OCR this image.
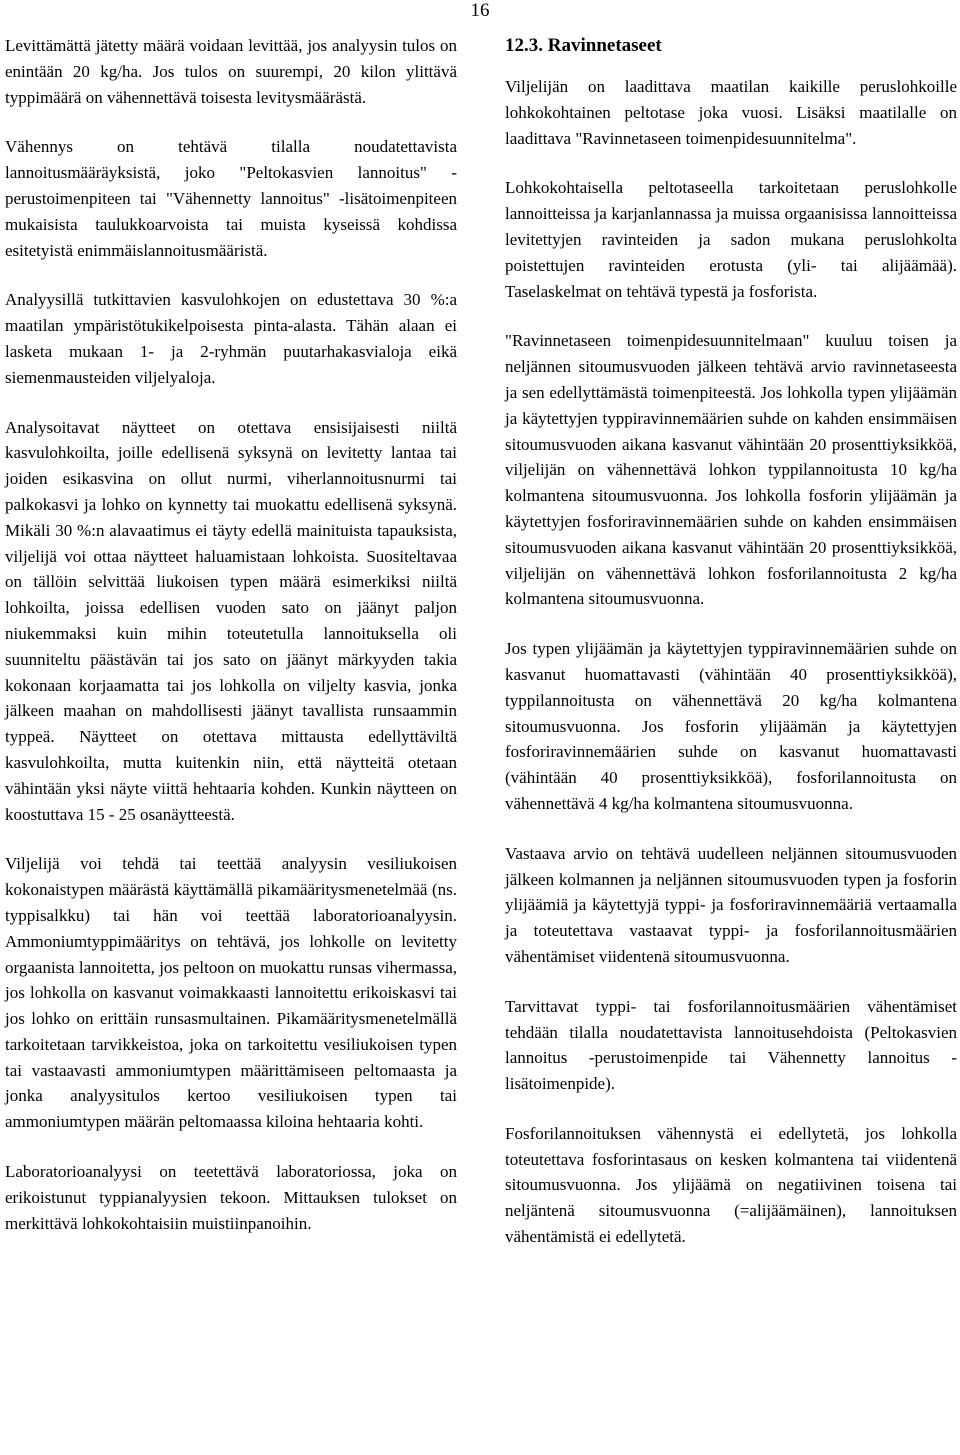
16

Levittämättä jätetty määrä voidaan levittää, jos analyysin tulos on enintään 20 kg/ha. Jos tulos on suurempi, 20 kilon ylittävä typpimäärä on vähennettävä toisesta levitysmäärästä.

Vähennys on tehtävä tilalla noudatettavista lannoitusmääräyksistä, joko "Peltokasvien lannoitus" -perustoimenpiteen tai "Vähennetty lannoitus" -lisätoimenpiteen mukaisista taulukkoarvoista tai muista kyseissä kohdissa esitetyistä enimmäislannoitusmääristä.

Analyysillä tutkittavien kasvulohkojen on edustettava 30 %:a maatilan ympäristötukikelpoisesta pinta-alasta. Tähän alaan ei lasketa mukaan 1- ja 2-ryhmän puutarhakasvialoja eikä siemenmausteiden viljelyaloja.

Analysoitavat näytteet on otettava ensisijaisesti niiltä kasvulohkoilta, joille edellisenä syksynä on levitetty lantaa tai joiden esikasvina on ollut nurmi, viherlannoitusnurmi tai palkokasvi ja lohko on kynnetty tai muokattu edellisenä syksynä. Mikäli 30 %:n alavaatimus ei täyty edellä mainituista tapauksista, viljelijä voi ottaa näytteet haluamistaan lohkoista. Suositeltavaa on tällöin selvittää liukoisen typen määrä esimerkiksi niiltä lohkoilta, joissa edellisen vuoden sato on jäänyt paljon niukemmaksi kuin mihin toteutetulla lannoituksella oli suunniteltu päästävän tai jos sato on jäänyt märkyyden takia kokonaan korjaamatta tai jos lohkolla on viljelty kasvia, jonka jälkeen maahan on mahdollisesti jäänyt tavallista runsaammin typpeä. Näytteet on otettava mittausta edellyttäviltä kasvulohkoilta, mutta kuitenkin niin, että näytteitä otetaan vähintään yksi näyte viittä hehtaaria kohden. Kunkin näytteen on koostuttava 15 - 25 osanäytteestä.

Viljelijä voi tehdä tai teettää analyysin vesiliukoisen kokonaistypen määrästä käyttämällä pikamääritysmenetelmää (ns. typpisalkku) tai hän voi teettää laboratorioanalyysin. Ammoniumtyppimääritys on tehtävä, jos lohkolle on levitetty orgaanista lannoitetta, jos peltoon on muokattu runsas vihermassa, jos lohkolla on kasvanut voimakkaasti lannoitettu erikoiskasvi tai jos lohko on erittäin runsasmultainen. Pikamääritysmenetelmällä tarkoitetaan tarvikkeistoa, joka on tarkoitettu vesiliukoisen typen tai vastaavasti ammoniumtypen määrittämiseen peltomaasta ja jonka analyysitulos kertoo vesiliukoisen typen tai ammoniumtypen määrän peltomaassa kiloina hehtaaria kohti.

Laboratorioanalyysi on teetettävä laboratoriossa, joka on erikoistunut typpianalyysien tekoon. Mittauksen tulokset on merkittävä lohkokohtaisiin muistiinpanoihin.

12.3. Ravinnetaseet

Viljelijän on laadittava maatilan kaikille peruslohkoille lohkokohtainen peltotase joka vuosi. Lisäksi maatilalle on laadittava "Ravinnetaseen toimenpidesuunnitelma".

Lohkokohtaisella peltotaseella tarkoitetaan peruslohkolle lannoitteissa ja karjanlannassa ja muissa orgaanisissa lannoitteissa levitettyjen ravinteiden ja sadon mukana peruslohkolta poistettujen ravinteiden erotusta (yli- tai alijäämää). Taselaskelmat on tehtävä typestä ja fosforista.

"Ravinnetaseen toimenpidesuunnitelmaan" kuuluu toisen ja neljännen sitoumusvuoden jälkeen tehtävä arvio ravinnetaseesta ja sen edellyttämästä toimenpiteestä. Jos lohkolla typen ylijäämän ja käytettyjen typpiravinnemäärien suhde on kahden ensimmäisen sitoumusvuoden aikana kasvanut vähintään 20 prosenttiyksikköä, viljelijän on vähennettävä lohkon typpilannoitusta 10 kg/ha kolmantena sitoumusvuonna. Jos lohkolla fosforin ylijäämän ja käytettyjen fosforiravinnemäärien suhde on kahden ensimmäisen sitoumusvuoden aikana kasvanut vähintään 20 prosenttiyksikköä, viljelijän on vähennettävä lohkon fosforilannoitusta 2 kg/ha kolmantena sitoumusvuonna.

Jos typen ylijäämän ja käytettyjen typpiravinnemäärien suhde on kasvanut huomattavasti (vähintään 40 prosenttiyksikköä), typpilannoitusta on vähennettävä 20 kg/ha kolmantena sitoumusvuonna. Jos fosforin ylijäämän ja käytettyjen fosforiravinnemäärien suhde on kasvanut huomattavasti (vähintään 40 prosenttiyksikköä), fosforilannoitusta on vähennettävä 4 kg/ha kolmantena sitoumusvuonna.

Vastaava arvio on tehtävä uudelleen neljännen sitoumusvuoden jälkeen kolmannen ja neljännen sitoumusvuoden typen ja fosforin ylijäämiä ja käytettyjä typpi- ja fosforiravinnemääriä vertaamalla ja toteutettava vastaavat typpi- ja fosforilannoitusmäärien vähentämiset viidentenä sitoumusvuonna.

Tarvittavat typpi- tai fosforilannoitusmäärien vähentämiset tehdään tilalla noudatettavista lannoitusehdoista (Peltokasvien lannoitus -perustoimenpide tai Vähennetty lannoitus -lisätoimenpide).

Fosforilannoituksen vähennystä ei edellytetä, jos lohkolla toteutettava fosforintasaus on kesken kolmantena tai viidentenä sitoumusvuonna. Jos ylijäämä on negatiivinen toisena tai neljäntenä sitoumusvuonna (=alijäämäinen), lannoituksen vähentämistä ei edellytetä.
